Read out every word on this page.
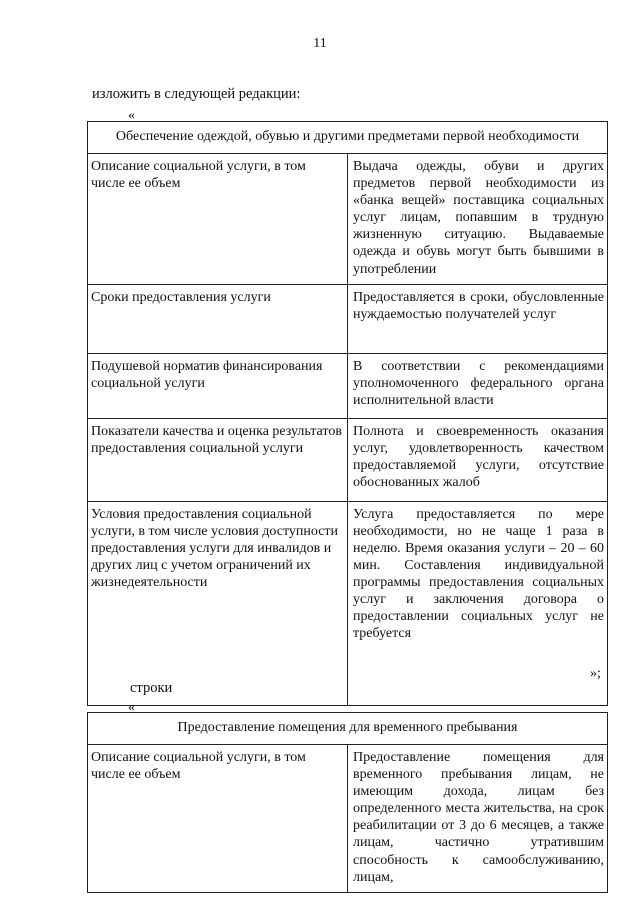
11
изложить в следующей редакции:
«
Обеспечение одеждой, обувью и другими предметами первой необходимости	
Описание социальной услуги, в том числе ее объем	Выдача одежды, обуви и других предметов первой необходимости из «банка вещей» поставщика социальных услуг лицам, попавшим в трудную жизненную ситуацию. Выдаваемые одежда и обувь могут быть бывшими в употреблении
Сроки предоставления услуги	Предоставляется в сроки, обусловленные нуждаемостью получателей услуг
Подушевой норматив финансирования социальной услуги	В соответствии с рекомендациями уполномоченного федерального органа исполнительной власти
Показатели качества и оценка результатов предоставления социальной услуги	Полнота и своевременность оказания услуг, удовлетворенность качеством предоставляемой услуги, отсутствие обоснованных жалоб
Условия предоставления социальной услуги, в том числе условия доступности предоставления услуги для инвалидов и других лиц с учетом ограничений их жизнедеятельности	Услуга предоставляется по мере необходимости, но не чаще 1 раза в неделю. Время оказания услуги – 20 – 60 мин. Составления индивидуальной программы предоставления социальных услуг и заключения договора о предоставлении социальных услуг не требуется
»;
строки
«
Предоставление помещения для временного пребывания
Описание социальной услуги, в том числе ее объем	Предоставление помещения для временного пребывания лицам, не имеющим дохода, лицам без определенного места жительства, на срок реабилитации от 3 до 6 месяцев, а также лицам, частично утратившим способность к самообслуживанию, лицам,
